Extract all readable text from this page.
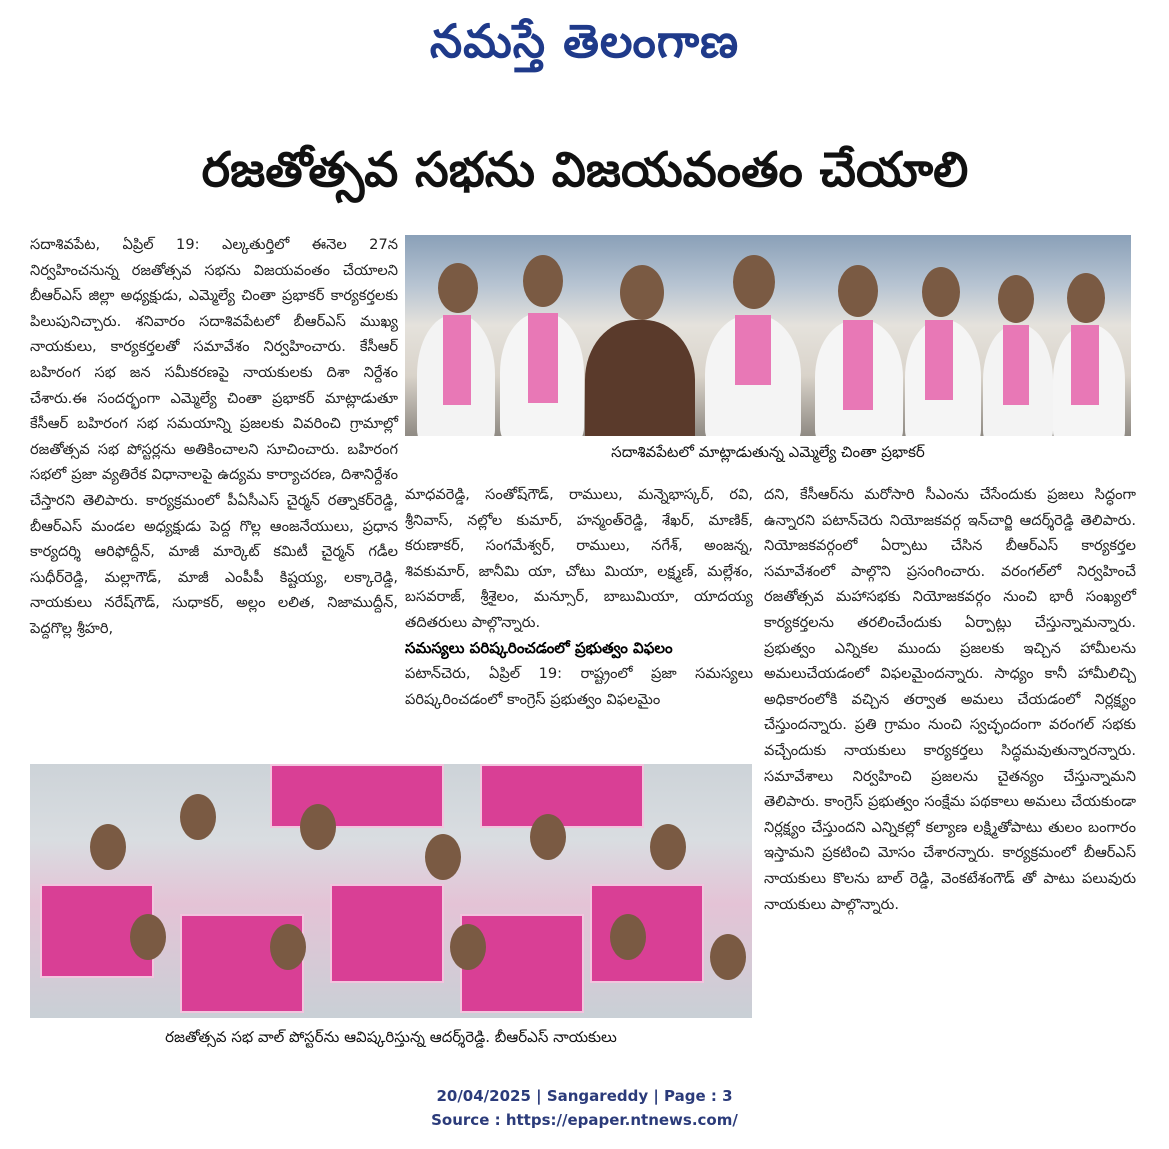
నమస్తే తెలంగాణ
రజతోత్సవ సభను విజయవంతం చేయాలి

సదాశివపేట, ఏప్రిల్ 19: ఎల్కతుర్తిలో ఈనెల 27న నిర్వహించనున్న రజతోత్సవ సభను విజయవంతం చేయాలని బీఆర్ఎస్ జిల్లా అధ్యక్షుడు, ఎమ్మెల్యే చింతా ప్రభాకర్ కార్యకర్తలకు పిలుపునిచ్చారు. శనివారం సదాశివపేటలో బీఆర్ఎస్ ముఖ్య నాయకులు, కార్యకర్తలతో సమావేశం నిర్వహించారు. కేసీఆర్ బహిరంగ సభ జన సమీకరణపై నాయకులకు దిశా నిర్దేశం చేశారు.ఈ సందర్భంగా ఎమ్మెల్యే చింతా ప్రభాకర్ మాట్లాడుతూ కేసీఆర్ బహిరంగ సభ సమయాన్ని ప్రజలకు వివరించి గ్రామాల్లో రజతోత్సవ సభ పోస్టర్లను అతికించాలని సూచించారు. బహిరంగ సభలో ప్రజా వ్యతిరేక విధానాలపై ఉద్యమ కార్యాచరణ, దిశానిర్దేశం చేస్తారని తెలిపారు. కార్యక్రమంలో పీఏసీఎస్ చైర్మన్ రత్నాకర్‌రెడ్డి, బీఆర్ఎస్ మండల అధ్యక్షుడు పెద్ద గొల్ల ఆంజనేయులు, ప్రధాన కార్యదర్శి ఆరిఫోద్దీన్, మాజీ మార్కెట్ కమిటీ చైర్మన్ గడీల సుధీర్‌రెడ్డి, మల్లాగౌడ్, మాజీ ఎంపీపీ కిష్టయ్య, లక్కారెడ్డి, నాయకులు నరేష్‌గౌడ్, సుధాకర్, అల్లం లలిత, నిజాముద్దీన్, పెద్దగొల్ల శ్రీహరి,

సదాశివపేటలో మాట్లాడుతున్న ఎమ్మెల్యే చింతా ప్రభాకర్

మాధవరెడ్డి, సంతోష్‌గౌడ్, రాములు, మన్నెభాస్కర్, రవి, శ్రీనివాస్, నల్లోల కుమార్, హన్మంత్‌రెడ్డి, శేఖర్, మాణిక్, కరుణాకర్, సంగమేశ్వర్, రాములు, నగేశ్, అంజన్న, శివకుమార్, జానీమి యా, చోటు మియా, లక్ష్మణ్, మల్లేశం, బసవరాజ్, శ్రీశైలం, మన్సూర్, బాబుమియా, యాదయ్య తదితరులు పాల్గొన్నారు.

సమస్యలు పరిష్కరించడంలో ప్రభుత్వం విఫలం

పటాన్‌చెరు, ఏప్రిల్ 19: రాష్ట్రంలో ప్రజా సమస్యలు పరిష్కరించడంలో కాంగ్రెస్ ప్రభుత్వం విఫలమైం

దని, కేసీఆర్‌ను మరోసారి సీఎంను చేసేందుకు ప్రజలు సిద్ధంగా ఉన్నారని పటాన్‌చెరు నియోజకవర్గ ఇన్‌చార్జి ఆదర్శ్‌రెడ్డి తెలిపారు. నియోజకవర్గంలో ఏర్పాటు చేసిన బీఆర్ఎస్ కార్యకర్తల సమావేశంలో పాల్గొని ప్రసంగించారు. వరంగల్‌లో నిర్వహించే రజతోత్సవ మహాసభకు నియోజకవర్గం నుంచి భారీ సంఖ్యలో కార్యకర్తలను తరలించేందుకు ఏర్పాట్లు చేస్తున్నామన్నారు. ప్రభుత్వం ఎన్నికల ముందు ప్రజలకు ఇచ్చిన హామీలను అమలుచేయడంలో విఫలమైందన్నారు. సాధ్యం కానీ హామీలిచ్చి అధికారంలోకి వచ్చిన తర్వాత అమలు చేయడంలో నిర్లక్ష్యం చేస్తుందన్నారు. ప్రతి గ్రామం నుంచి స్వచ్ఛందంగా వరంగల్ సభకు వచ్చేందుకు నాయకులు కార్యకర్తలు సిద్ధమవుతున్నారన్నారు. సమావేశాలు నిర్వహించి ప్రజలను చైతన్యం చేస్తున్నామని తెలిపారు. కాంగ్రెస్ ప్రభుత్వం సంక్షేమ పథకాలు అమలు చేయకుండా నిర్లక్ష్యం చేస్తుందని ఎన్నికల్లో కల్యాణ లక్ష్మితోపాటు తులం బంగారం ఇస్తామని ప్రకటించి మోసం చేశారన్నారు. కార్యక్రమంలో బీఆర్ఎస్ నాయకులు కొలను బాల్ రెడ్డి, వెంకటేశంగౌడ్ తో పాటు పలువురు నాయకులు పాల్గొన్నారు.

రజతోత్సవ సభ వాల్ పోస్టర్‌ను ఆవిష్కరిస్తున్న ఆదర్శ్‌రెడ్డి. బీఆర్ఎస్ నాయకులు
20/04/2025 | Sangareddy | Page : 3
Source : https://epaper.ntnews.com/
